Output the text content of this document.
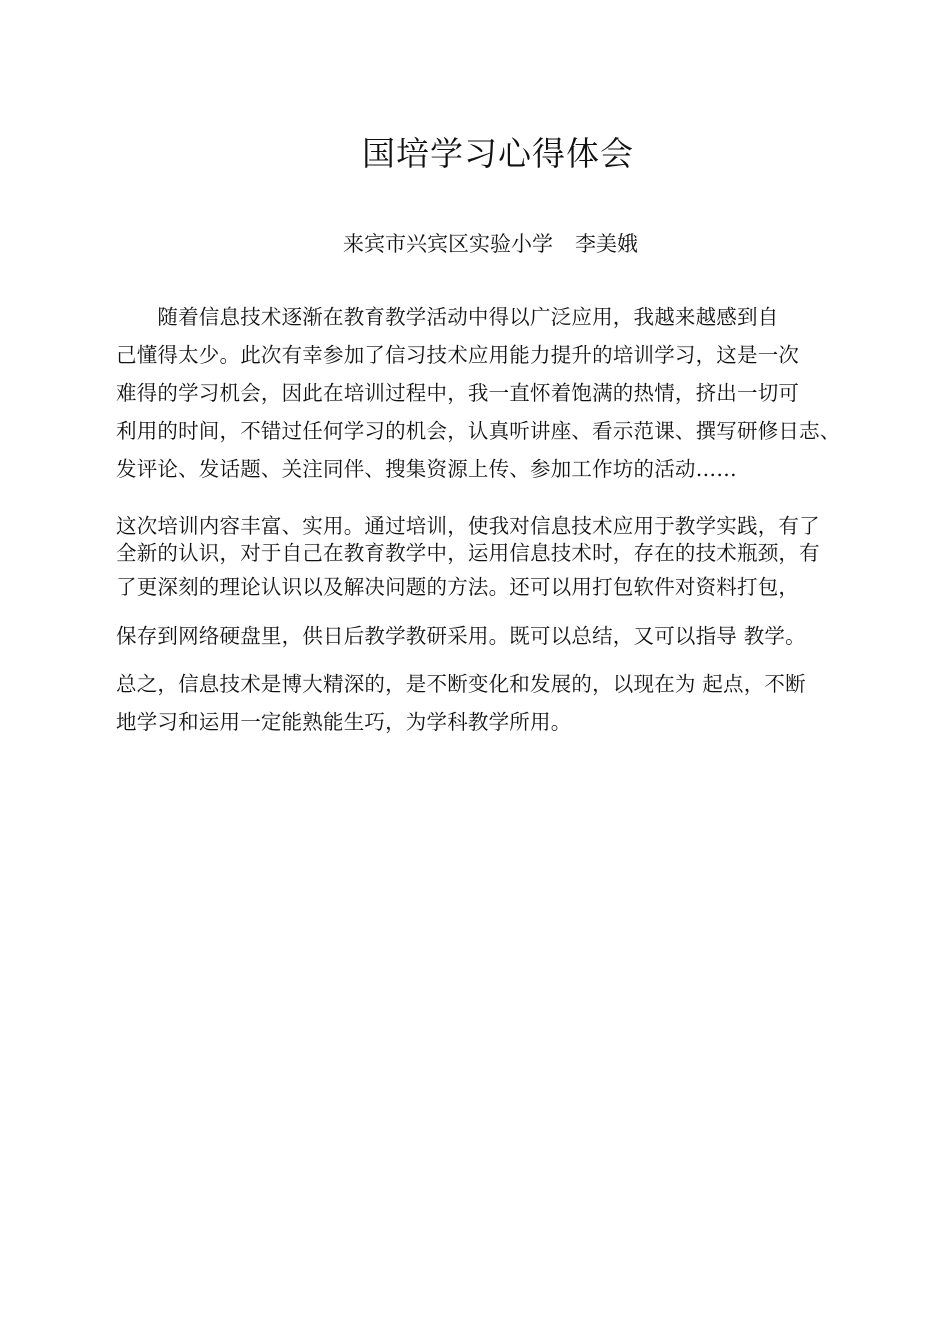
国培学习心得体会
来宾市兴宾区实验小学 李美娥
　　随着信息技术逐渐在教育教学活动中得以广泛应用，我越来越感到自
己懂得太少。此次有幸参加了信习技术应用能力提升的培训学习，这是一次
难得的学习机会，因此在培训过程中，我一直怀着饱满的热情，挤出一切可
利用的时间，不错过任何学习的机会，认真听讲座、看示范课、撰写研修日志、
发评论、发话题、关注同伴、搜集资源上传、参加工作坊的活动……
这次培训内容丰富、实用。通过培训，使我对信息技术应用于教学实践，有了
全新的认识，对于自己在教育教学中，运用信息技术时，存在的技术瓶颈，有
了更深刻的理论认识以及解决问题的方法。还可以用打包软件对资料打包，
保存到网络硬盘里，供日后教学教研采用。既可以总结，又可以指导 教学。
总之，信息技术是博大精深的，是不断变化和发展的，以现在为 起点，不断
地学习和运用一定能熟能生巧，为学科教学所用。
